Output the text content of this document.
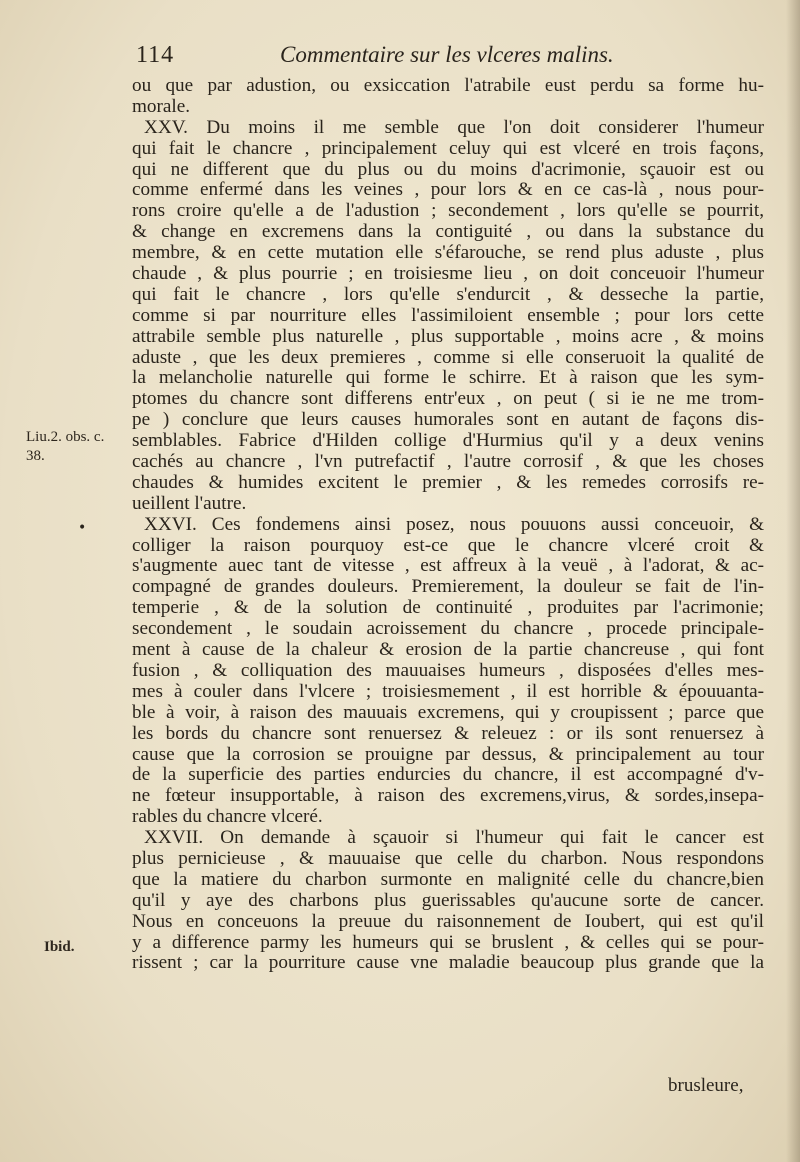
114	Commentaire sur les vlceres malins.
Liu.2. obs. c.
38.
Ibid.
•
ou que par adustion, ou exsiccation l'atrabile eust perdu sa forme hu-
morale.
XXV. Du moins il me semble que l'on doit considerer l'humeur
qui fait le chancre , principalement celuy qui est vlceré en trois façons,
qui ne different que du plus ou du moins d'acrimonie, sçauoir est ou
comme enfermé dans les veines , pour lors & en ce cas-là , nous pour-
rons croire qu'elle a de l'adustion ; secondement , lors qu'elle se pourrit,
& change en excremens dans la contiguité , ou dans la substance du
membre, & en cette mutation elle s'éfarouche, se rend plus aduste , plus
chaude , & plus pourrie ; en troisiesme lieu , on doit conceuoir l'humeur
qui fait le chancre , lors qu'elle s'endurcit , & desseche la partie,
comme si par nourriture elles l'assimiloient ensemble ; pour lors cette
attrabile semble plus naturelle , plus supportable , moins acre , & moins
aduste , que les deux premieres , comme si elle conseruoit la qualité de
la melancholie naturelle qui forme le schirre. Et à raison que les sym-
ptomes du chancre sont differens entr'eux , on peut ( si ie ne me trom-
pe ) conclure que leurs causes humorales sont en autant de façons dis-
semblables. Fabrice d'Hilden collige d'Hurmius qu'il y a deux venins
cachés au chancre , l'vn putrefactif , l'autre corrosif , & que les choses
chaudes & humides excitent le premier , & les remedes corrosifs re-
ueillent l'autre.
XXVI. Ces fondemens ainsi posez, nous pouuons aussi conceuoir, &
colliger la raison pourquoy est-ce que le chancre vlceré croit &
s'augmente auec tant de vitesse , est affreux à la veuë , à l'adorat, & ac-
compagné de grandes douleurs. Premierement, la douleur se fait de l'in-
temperie , & de la solution de continuité , produites par l'acrimonie;
secondement , le soudain acroissement du chancre , procede principale-
ment à cause de la chaleur & erosion de la partie chancreuse , qui font
fusion , & colliquation des mauuaises humeurs , disposées d'elles mes-
mes à couler dans l'vlcere ; troisiesmement , il est horrible & épouuanta-
ble à voir, à raison des mauuais excremens, qui y croupissent ; parce que
les bords du chancre sont renuersez & releuez : or ils sont renuersez à
cause que la corrosion se prouigne par dessus, & principalement au tour
de la superficie des parties endurcies du chancre, il est accompagné d'v-
ne fœteur insupportable, à raison des excremens,virus, & sordes,insepa-
rables du chancre vlceré.
XXVII. On demande à sçauoir si l'humeur qui fait le cancer est
plus pernicieuse , & mauuaise que celle du charbon. Nous respondons
que la matiere du charbon surmonte en malignité celle du chancre,bien
qu'il y aye des charbons plus guerissables qu'aucune sorte de cancer.
Nous en conceuons la preuue du raisonnement de Ioubert, qui est qu'il
y a difference parmy les humeurs qui se bruslent , & celles qui se pour-
rissent ; car la pourriture cause vne maladie beaucoup plus grande que la
brusleure,
